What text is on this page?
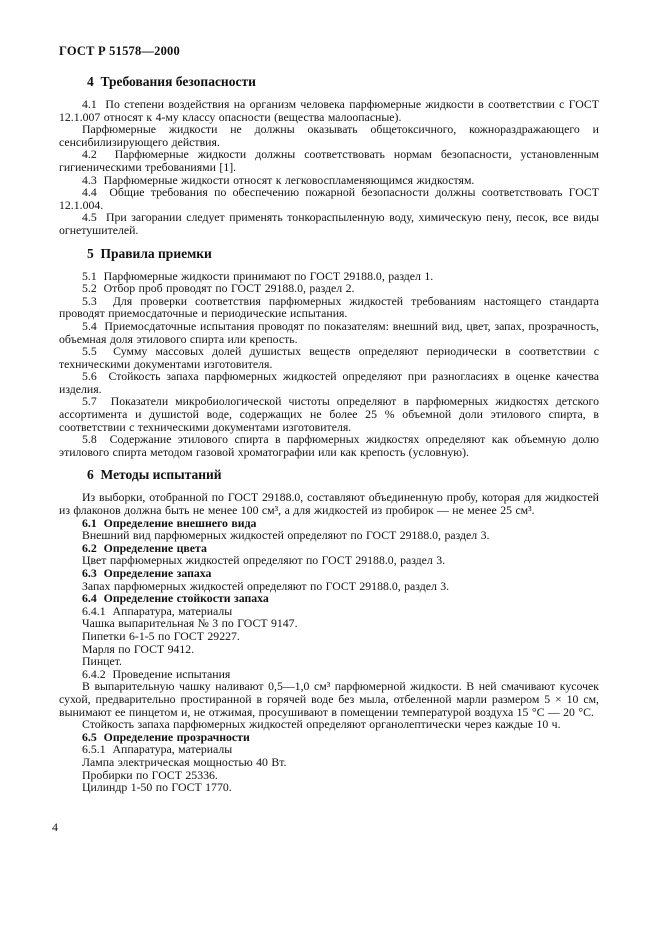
ГОСТ Р 51578—2000
4  Требования безопасности

4.1  По степени воздействия на организм человека парфюмерные жидкости в соответствии с ГОСТ 12.1.007 относят к 4-му классу опасности (вещества малоопасные).

Парфюмерные жидкости не должны оказывать общетоксичного, кожнораздражающего и сенсибилизирующего действия.

4.2  Парфюмерные жидкости должны соответствовать нормам безопасности, установленным гигиеническими требованиями [1].

4.3  Парфюмерные жидкости относят к легковоспламеняющимся жидкостям.

4.4  Общие требования по обеспечению пожарной безопасности должны соответствовать ГОСТ 12.1.004.

4.5  При загорании следует применять тонкораспыленную воду, химическую пену, песок, все виды огнетушителей.

5  Правила приемки

5.1  Парфюмерные жидкости принимают по ГОСТ 29188.0, раздел 1.

5.2  Отбор проб проводят по ГОСТ 29188.0, раздел 2.

5.3  Для проверки соответствия парфюмерных жидкостей требованиям настоящего стандарта проводят приемосдаточные и периодические испытания.

5.4  Приемосдаточные испытания проводят по показателям: внешний вид, цвет, запах, прозрачность, объемная доля этилового спирта или крепость.

5.5  Сумму массовых долей душистых веществ определяют периодически в соответствии с техническими документами изготовителя.

5.6  Стойкость запаха парфюмерных жидкостей определяют при разногласиях в оценке качества изделия.

5.7  Показатели микробиологической чистоты определяют в парфюмерных жидкостях детского ассортимента и душистой воде, содержащих не более 25 % объемной доли этилового спирта, в соответствии с техническими документами изготовителя.

5.8  Содержание этилового спирта в парфюмерных жидкостях определяют как объемную долю этилового спирта методом газовой хроматографии или как крепость (условную).

6  Методы испытаний

Из выборки, отобранной по ГОСТ 29188.0, составляют объединенную пробу, которая для жидкостей из флаконов должна быть не менее 100 см³, а для жидкостей из пробирок — не менее 25 см³.

6.1  Определение внешнего вида

Внешний вид парфюмерных жидкостей определяют по ГОСТ 29188.0, раздел 3.

6.2  Определение цвета

Цвет парфюмерных жидкостей определяют по ГОСТ 29188.0, раздел 3.

6.3  Определение запаха

Запах парфюмерных жидкостей определяют по ГОСТ 29188.0, раздел 3.

6.4  Определение стойкости запаха

6.4.1  Аппаратура, материалы

Чашка выпарительная № 3 по ГОСТ 9147.

Пипетки 6-1-5 по ГОСТ 29227.

Марля по ГОСТ 9412.

Пинцет.

6.4.2  Проведение испытания

В выпарительную чашку наливают 0,5—1,0 см³ парфюмерной жидкости. В ней смачивают кусочек сухой, предварительно простиранной в горячей воде без мыла, отбеленной марли размером 5 × 10 см, вынимают ее пинцетом и, не отжимая, просушивают в помещении температурой воздуха 15 °С — 20 °С.

Стойкость запаха парфюмерных жидкостей определяют органолептически через каждые 10 ч.

6.5  Определение прозрачности

6.5.1  Аппаратура, материалы

Лампа электрическая мощностью 40 Вт.

Пробирки по ГОСТ 25336.

Цилиндр 1-50 по ГОСТ 1770.

4
